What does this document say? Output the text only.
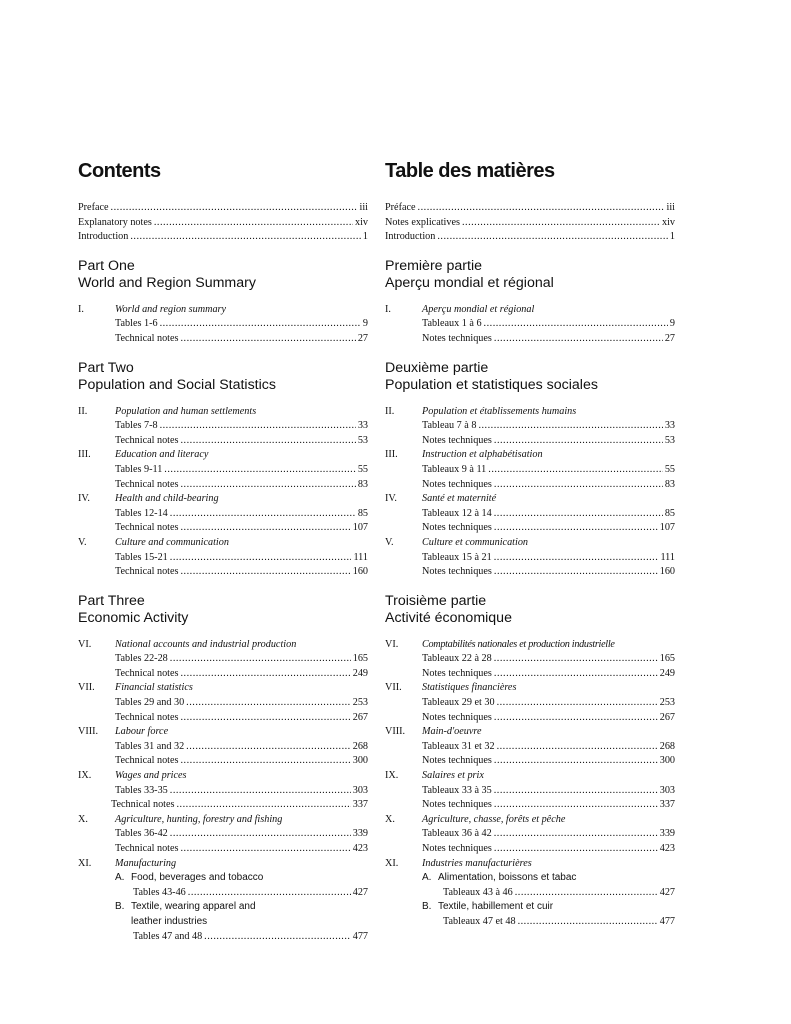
Contents
Preface .....	iii
Explanatory notes .....	xiv
Introduction .....	1
Part One
World and Region Summary
I.	World and region summary
Tables 1-6 .....	9
Technical notes .....	27
Part Two
Population and Social Statistics
II.	Population and human settlements
Tables 7-8 .....	33
Technical notes .....	53
III.	Education and literacy
Tables 9-11 .....	55
Technical notes .....	83
IV.	Health and child-bearing
Tables 12-14 .....	85
Technical notes .....	107
V.	Culture and communication
Tables 15-21 .....	111
Technical notes .....	160
Part Three
Economic Activity
VI.	National accounts and industrial production
Tables 22-28 .....	165
Technical notes .....	249
VII.	Financial statistics
Tables 29 and 30 .....	253
Technical notes .....	267
VIII.	Labour force
Tables 31 and 32 .....	268
Technical notes .....	300
IX.	Wages and prices
Tables 33-35 .....	303
Technical notes .....	337
X.	Agriculture, hunting, forestry and fishing
Tables 36-42 .....	339
Technical notes .....	423
XI.	Manufacturing
A. Food, beverages and tobacco
Tables 43-46 .....	427
B. Textile, wearing apparel and
leather industries
Tables 47 and 48 .....	477
Table des matières
Préface .....	iii
Notes explicatives .....	xiv
Introduction .....	1
Première partie
Aperçu mondial et régional
I.	Aperçu mondial et régional
Tableaux 1 à 6 .....	9
Notes techniques .....	27
Deuxième partie
Population et statistiques sociales
II.	Population et établissements humains
Tableau 7 à 8 .....	33
Notes techniques .....	53
III.	Instruction et alphabétisation
Tableaux 9 à 11 .....	55
Notes techniques .....	83
IV.	Santé et maternité
Tableaux 12 à 14 .....	85
Notes techniques .....	107
V.	Culture et communication
Tableaux 15 à 21 .....	111
Notes techniques .....	160
Troisième partie
Activité économique
VI.	Comptabilités nationales et production industrielle
Tableaux 22 à 28 .....	165
Notes techniques .....	249
VII.	Statistiques financières
Tableaux 29 et 30 .....	253
Notes techniques .....	267
VIII.	Main-d'oeuvre
Tableaux 31 et 32 .....	268
Notes techniques .....	300
IX.	Salaires et prix
Tableaux 33 à 35 .....	303
Notes techniques .....	337
X.	Agriculture, chasse, forêts et pêche
Tableaux 36 à 42 .....	339
Notes techniques .....	423
XI.	Industries manufacturières
A. Alimentation, boissons et tabac
Tableaux 43 à 46 .....	427
B. Textile, habillement et cuir
Tableaux 47 et 48 .....	477
